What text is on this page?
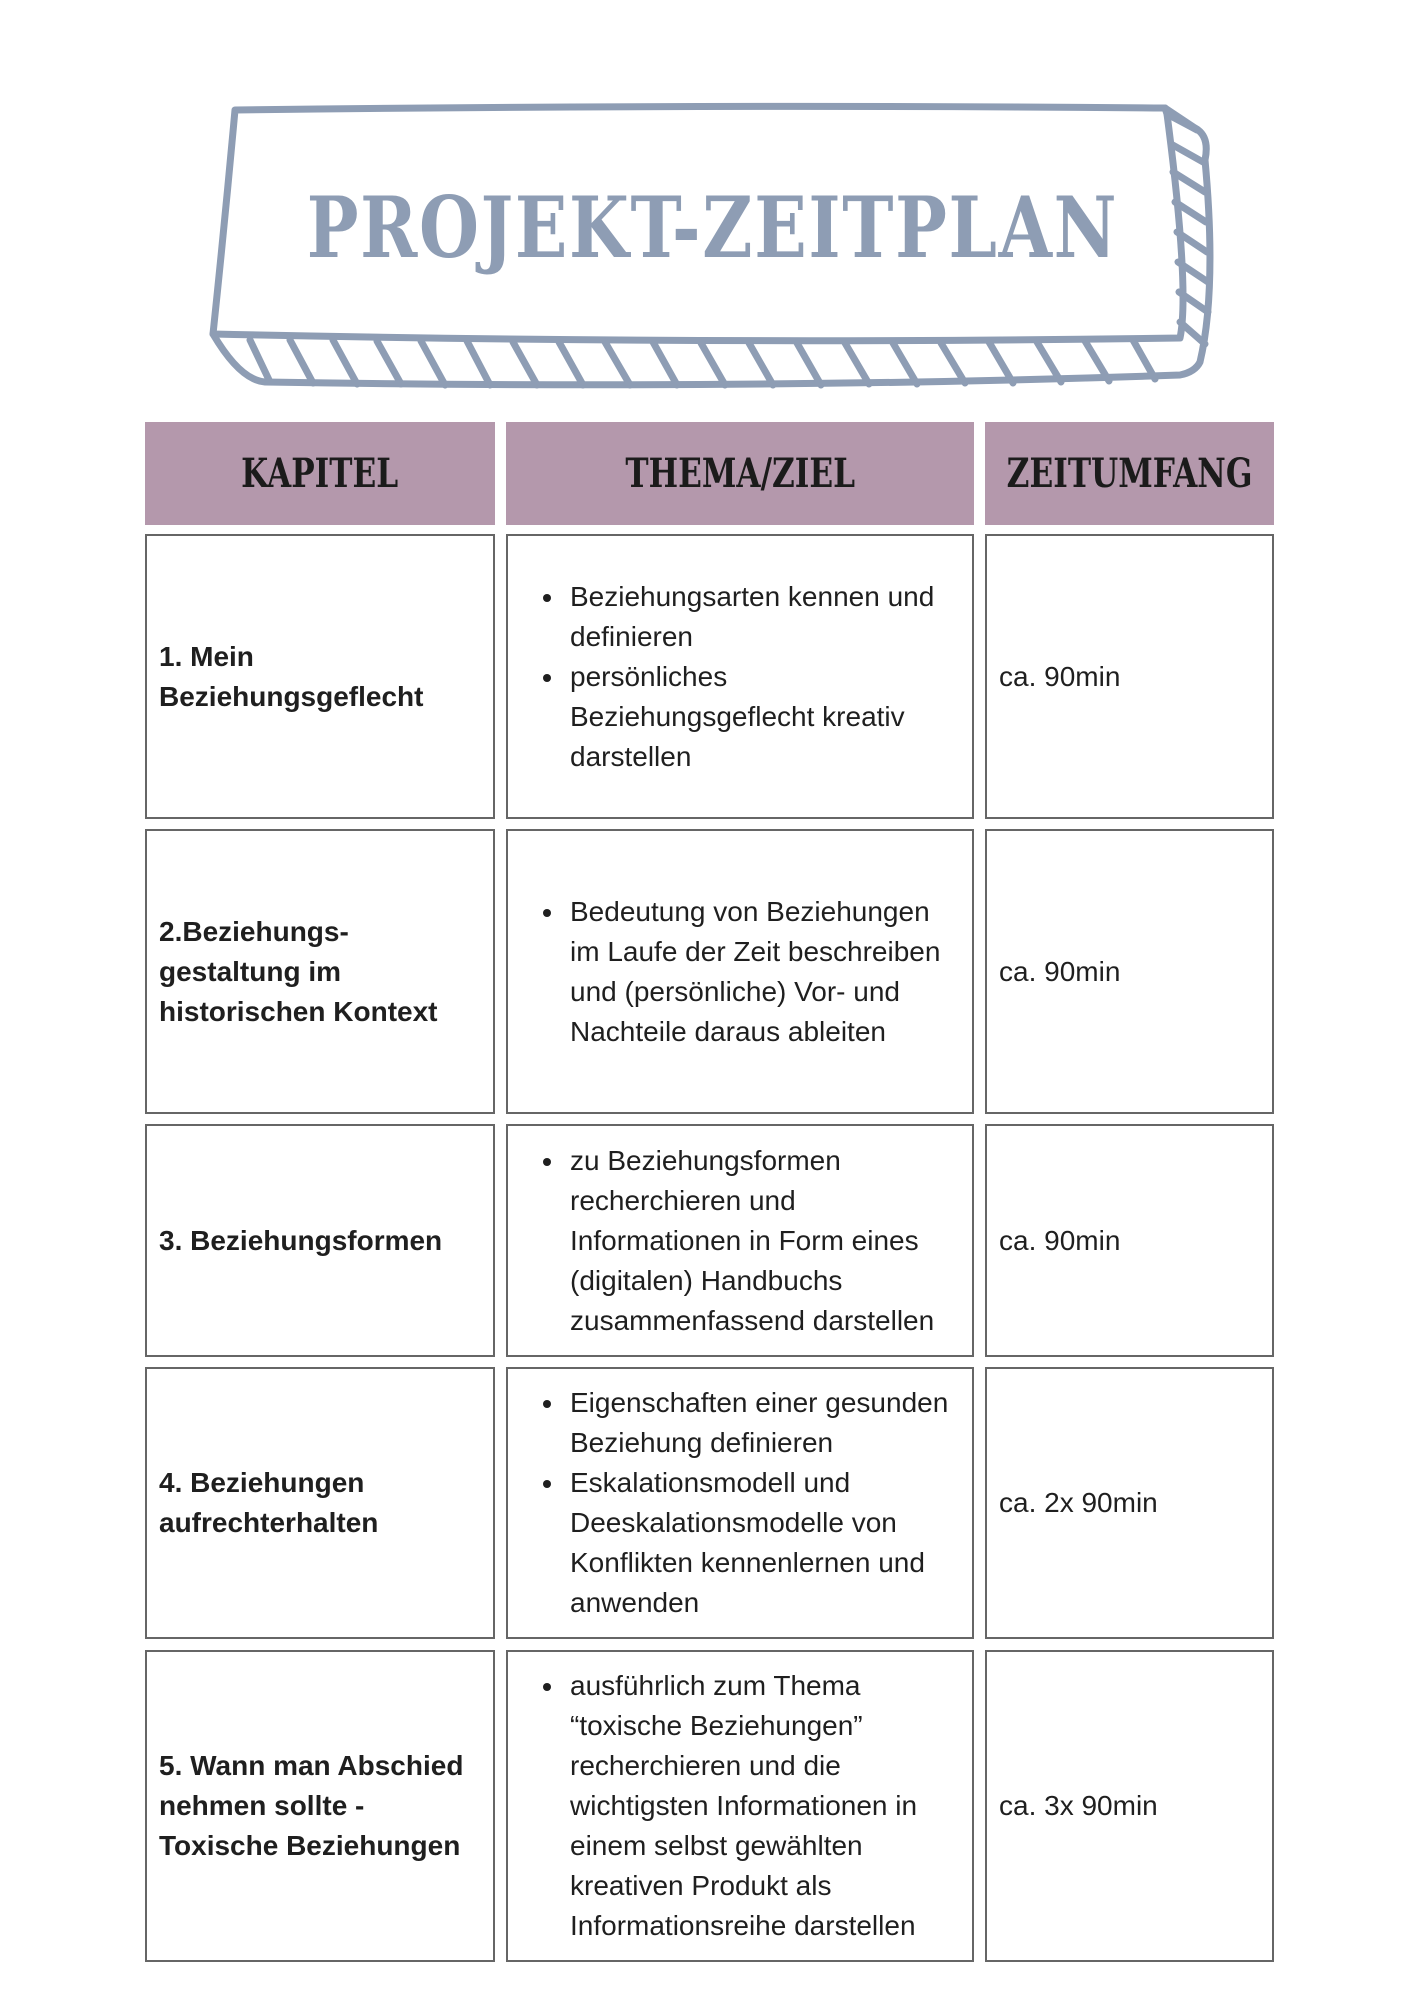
PROJEKT-ZEITPLAN
KAPITEL	THEMA/ZIEL	ZEITUMFANG
1. Mein
Beziehungsgeflecht
• Beziehungsarten kennen und definieren
• persönliches Beziehungsgeflecht kreativ darstellen
ca. 90min
2.Beziehungs-
gestaltung im
historischen Kontext
• Bedeutung von Beziehungen im Laufe der Zeit beschreiben und (persönliche) Vor- und Nachteile daraus ableiten
ca. 90min
3. Beziehungsformen
• zu Beziehungsformen recherchieren und Informationen in Form eines (digitalen) Handbuchs zusammenfassend darstellen
ca. 90min
4. Beziehungen
aufrechterhalten
• Eigenschaften einer gesunden Beziehung definieren
• Eskalationsmodell und Deeskalationsmodelle von Konflikten kennenlernen und anwenden
ca. 2x 90min
5. Wann man Abschied
nehmen sollte -
Toxische Beziehungen
• ausführlich zum Thema “toxische Beziehungen” recherchieren und die wichtigsten Informationen in einem selbst gewählten kreativen Produkt als Informationsreihe darstellen
ca. 3x 90min
